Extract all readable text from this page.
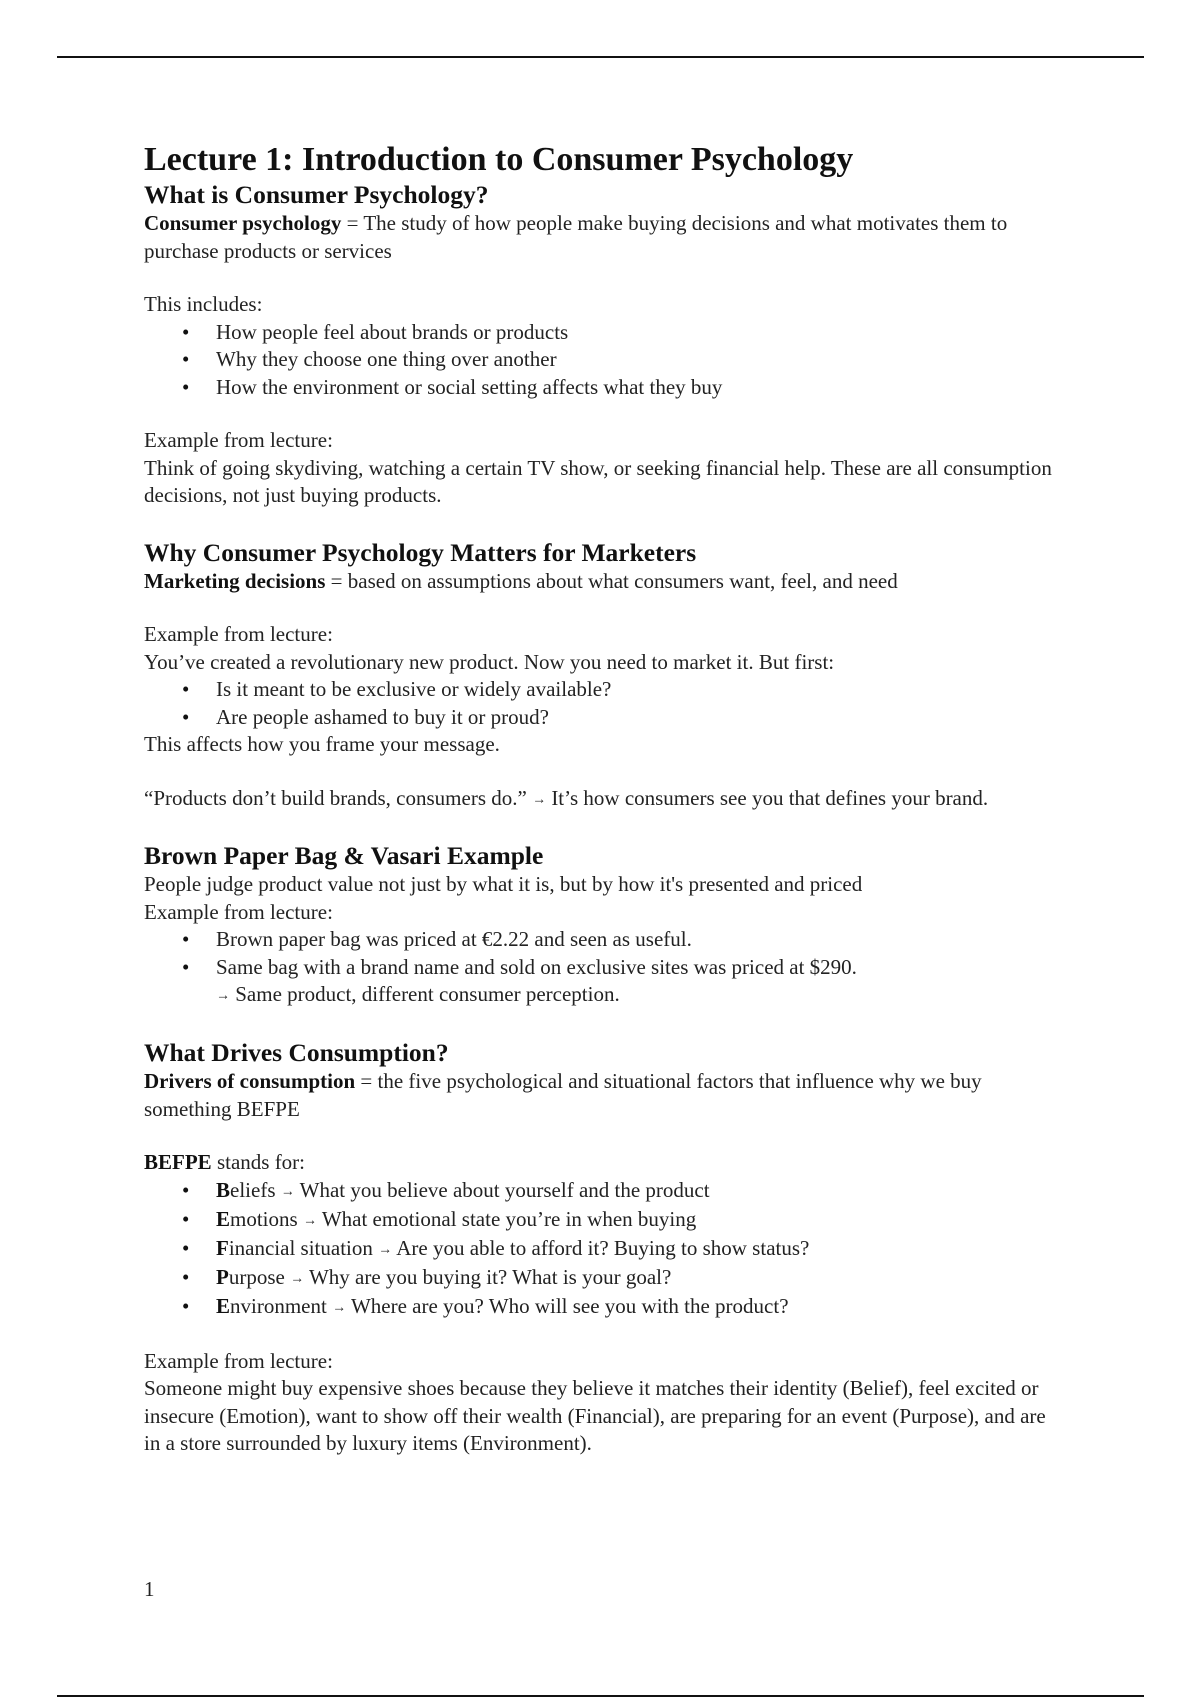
Lecture 1: Introduction to Consumer Psychology
What is Consumer Psychology?

Consumer psychology = The study of how people make buying decisions and what motivates them to purchase products or services

This includes:

• How people feel about brands or products
• Why they choose one thing over another
• How the environment or social setting affects what they buy

Example from lecture:

Think of going skydiving, watching a certain TV show, or seeking financial help. These are all consumption decisions, not just buying products.

Why Consumer Psychology Matters for Marketers

Marketing decisions = based on assumptions about what consumers want, feel, and need

Example from lecture:

You’ve created a revolutionary new product. Now you need to market it. But first:

• Is it meant to be exclusive or widely available?
• Are people ashamed to buy it or proud?

This affects how you frame your message.

“Products don’t build brands, consumers do.” → It’s how consumers see you that defines your brand.

Brown Paper Bag & Vasari Example

People judge product value not just by what it is, but by how it's presented and priced

Example from lecture:

• Brown paper bag was priced at €2.22 and seen as useful.
• Same bag with a brand name and sold on exclusive sites was priced at $290.
→ Same product, different consumer perception.
What Drives Consumption?

Drivers of consumption = the five psychological and situational factors that influence why we buy something BEFPE

BEFPE stands for:

• Beliefs → What you believe about yourself and the product
• Emotions → What emotional state you’re in when buying
• Financial situation → Are you able to afford it? Buying to show status?
• Purpose → Why are you buying it? What is your goal?
• Environment → Where are you? Who will see you with the product?

Example from lecture:

Someone might buy expensive shoes because they believe it matches their identity (Belief), feel excited or insecure (Emotion), want to show off their wealth (Financial), are preparing for an event (Purpose), and are in a store surrounded by luxury items (Environment).

1
